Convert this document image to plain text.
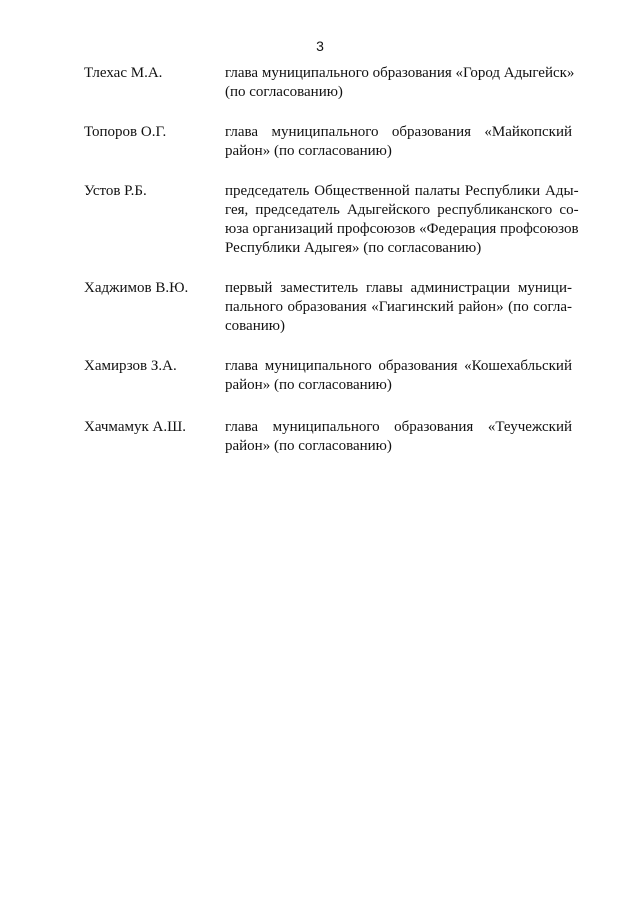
3
Тлехас М.А.	глава муниципального образования «Город Адыгейск»
(по согласованию)
Топоров О.Г.	глава муниципального образования «Майкопский
район» (по согласованию)
Устов Р.Б.	председатель Общественной палаты Республики Ады-
гея, председатель Адыгейского республиканского со-
юза организаций профсоюзов «Федерация профсоюзов
Республики Адыгея» (по согласованию)
Хаджимов В.Ю.	первый заместитель главы администрации муници-
пального образования «Гиагинский район» (по согла-
сованию)
Хамирзов З.А.	глава муниципального образования «Кошехабльский
район» (по согласованию)
Хачмамук А.Ш.	глава муниципального образования «Теучежский
район» (по согласованию)
